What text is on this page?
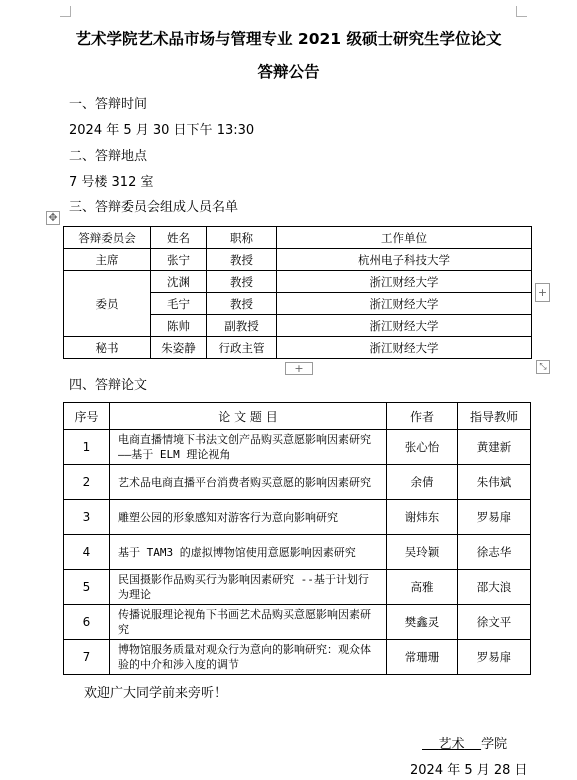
艺术学院艺术品市场与管理专业 2021 级硕士研究生学位论文
答辩公告
一、答辩时间
2024 年 5 月 30 日下午 13:30
二、答辩地点
7 号楼 312 室
三、答辩委员会组成人员名单
✥
答辩委员会	姓名	职称	工作单位
主席	张宁	教授	杭州电子科技大学
委员	沈渊	教授	浙江财经大学
	毛宁	教授	浙江财经大学
	陈帅	副教授	浙江财经大学
秘书	朱姿静	行政主管	浙江财经大学
+
+	⤡
四、答辩论文
序号	论 文 题 目	作者	指导教师
1	电商直播情境下书法文创产品购买意愿影响因素研究 ——基于 ELM 理论视角	张心怡	黄建新
2	艺术品电商直播平台消费者购买意愿的影响因素研究	余倩	朱伟斌
3	雕塑公园的形象感知对游客行为意向影响研究	谢炜东	罗易扉
4	基于 TAM3 的虚拟博物馆使用意愿影响因素研究	吴玲颖	徐志华
5	民国摄影作品购买行为影响因素研究 --基于计划行为理论	高雅	邵大浪
6	传播说服理论视角下书画艺术品购买意愿影响因素研究	樊鑫灵	徐文平
7	博物馆服务质量对观众行为意向的影响研究：观众体验的中介和涉入度的调节	常珊珊	罗易扉
欢迎广大同学前来旁听！
艺术 学院
2024 年 5 月 28 日
